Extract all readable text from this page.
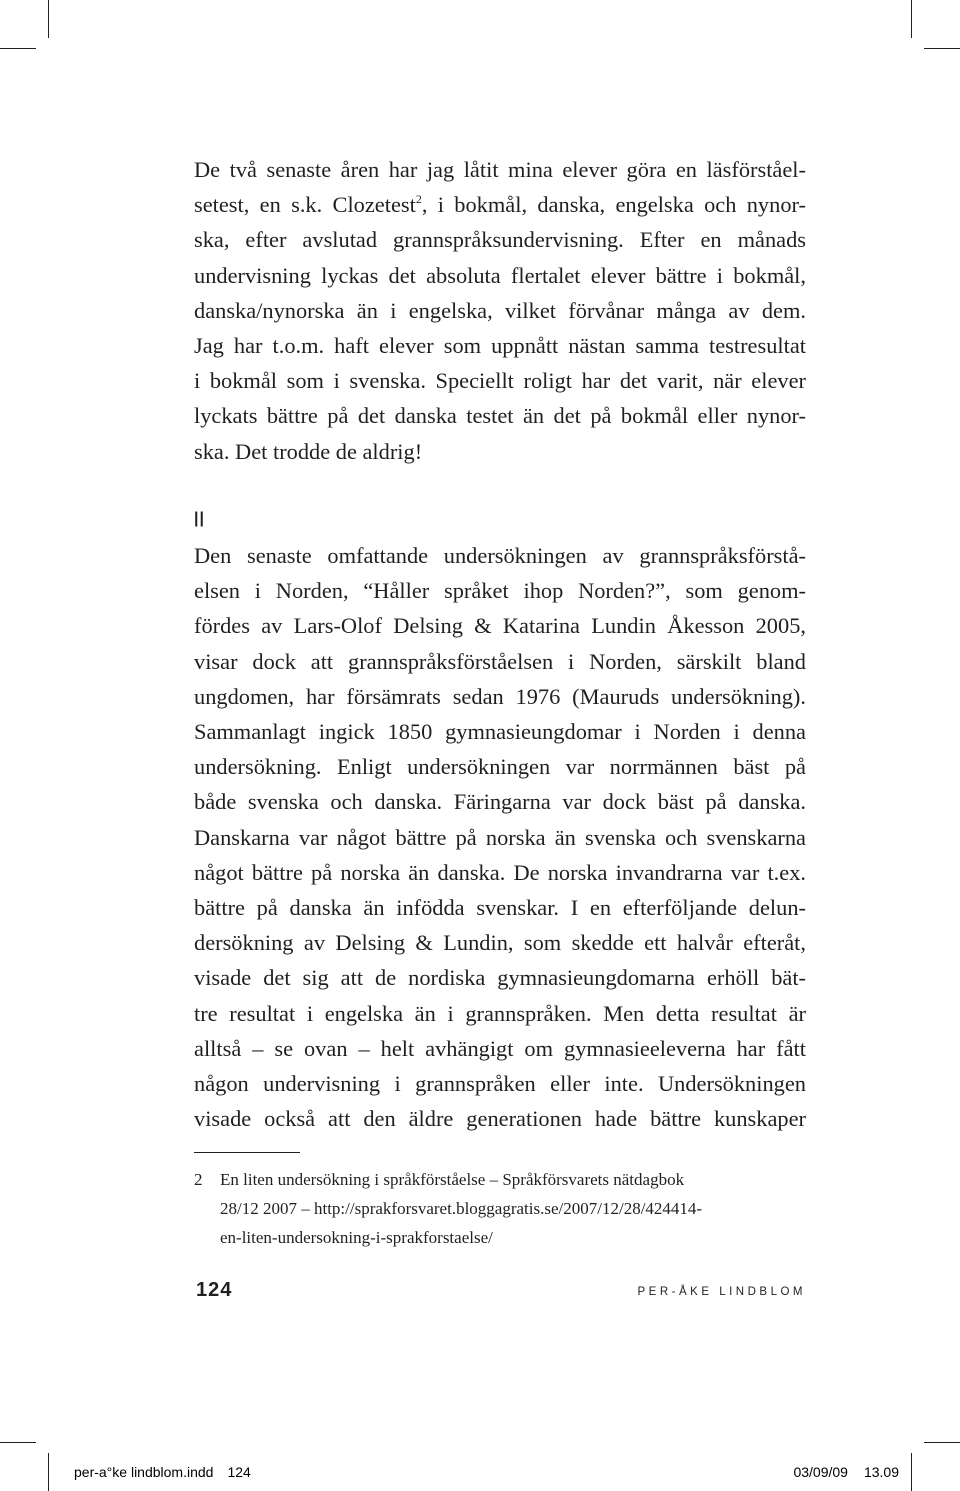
De två senaste åren har jag låtit mina elever göra en läsförståel-
setest, en s.k. Clozetest$^2$, i bokmål, danska, engelska och nynor-
ska, efter avslutad grannspråksundervisning. Efter en månads
undervisning lyckas det absoluta flertalet elever bättre i bokmål,
danska/nynorska än i engelska, vilket förvånar många av dem.
Jag har t.o.m. haft elever som uppnått nästan samma testresultat
i bokmål som i svenska. Speciellt roligt har det varit, när elever
lyckats bättre på det danska testet än det på bokmål eller nynor-
ska. Det trodde de aldrig!
||
Den senaste omfattande undersökningen av grannspråksförstå-
elsen i Norden, “Håller språket ihop Norden?”, som genom-
fördes av Lars-Olof Delsing & Katarina Lundin Åkesson 2005,
visar dock att grannspråksförståelsen i Norden, särskilt bland
ungdomen, har försämrats sedan 1976 (Mauruds undersökning).
Sammanlagt ingick 1850 gymnasieungdomar i Norden i denna
undersökning. Enligt undersökningen var norrmännen bäst på
både svenska och danska. Färingarna var dock bäst på danska.
Danskarna var något bättre på norska än svenska och svenskarna
något bättre på norska än danska. De norska invandrarna var t.ex.
bättre på danska än infödda svenskar. I en efterföljande delun-
dersökning av Delsing & Lundin, som skedde ett halvår efteråt,
visade det sig att de nordiska gymnasieungdomarna erhöll bät-
tre resultat i engelska än i grannspråken. Men detta resultat är
alltså – se ovan – helt avhängigt om gymnasieeleverna har fått
någon undervisning i grannspråken eller inte. Undersökningen
visade också att den äldre generationen hade bättre kunskaper
2 En liten undersökning i språkförståelse – Språkförsvarets nätdagbok
28/12 2007 – http://sprakforsvaret.bloggagratis.se/2007/12/28/424414-
en-liten-undersokning-i-sprakforstaelse/
124	PER-ÅKE LINDBLOM
per-a°ke lindblom.indd 124	03/09/09 13.09
